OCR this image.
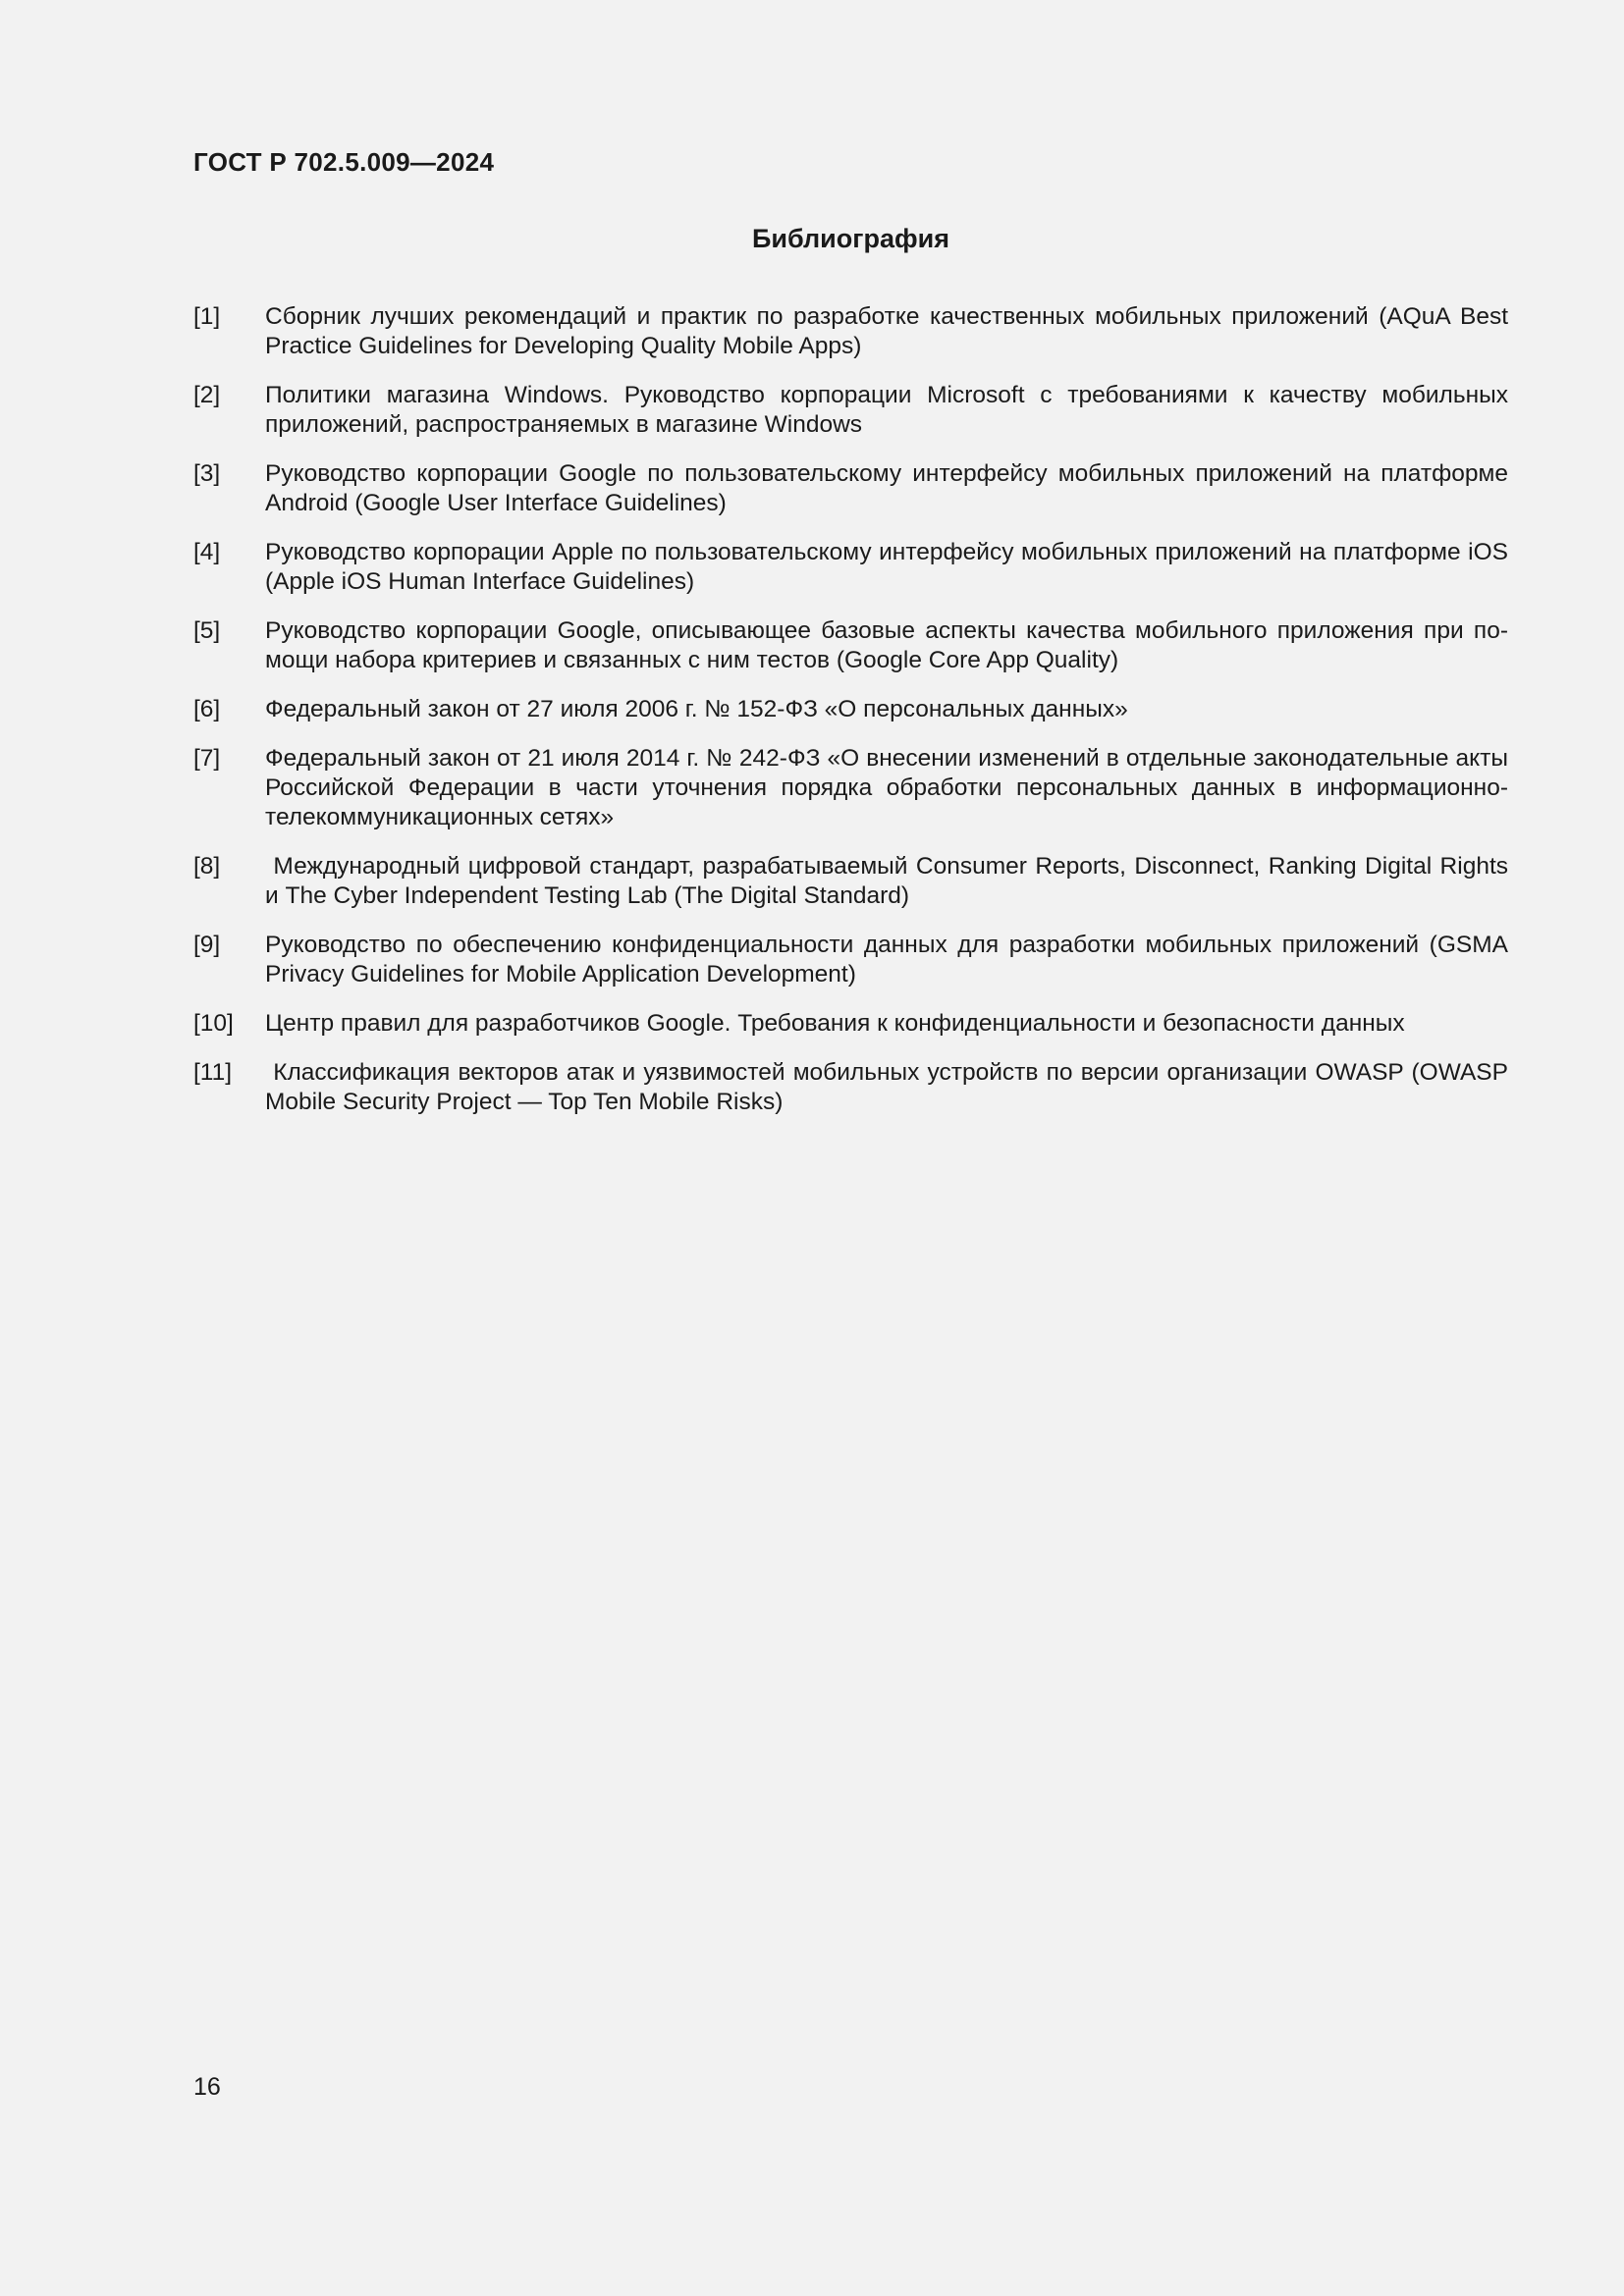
ГОСТ Р 702.5.009—2024
Библиография
[1]	Сборник лучших рекомендаций и практик по разработке качественных мобильных приложений (AQuA Best Practice Guidelines for Developing Quality Mobile Apps)
[2]	Политики магазина Windows. Руководство корпорации Microsoft с требованиями к качеству мобильных приложений, распространяемых в магазине Windows
[3]	Руководство корпорации Google по пользовательскому интерфейсу мобильных приложений на платформе Android (Google User Interface Guidelines)
[4]	Руководство корпорации Apple по пользовательскому интерфейсу мобильных приложений на платформе iOS (Apple iOS Human Interface Guidelines)
[5]	Руководство корпорации Google, описывающее базовые аспекты качества мобильного приложения при помощи набора критериев и связанных с ним тестов (Google Core App Quality)
[6]	Федеральный закон от 27 июля 2006 г. № 152-ФЗ «О персональных данных»
[7]	Федеральный закон от 21 июля 2014 г. № 242-ФЗ «О внесении изменений в отдельные законодательные акты Российской Федерации в части уточнения порядка обработки персональных данных в информационно-телекоммуникационных сетях»
[8]	Международный цифровой стандарт, разрабатываемый Consumer Reports, Disconnect, Ranking Digital Rights и The Cyber Independent Testing Lab (The Digital Standard)
[9]	Руководство по обеспечению конфиденциальности данных для разработки мобильных приложений (GSMA Privacy Guidelines for Mobile Application Development)
[10]	Центр правил для разработчиков Google. Требования к конфиденциальности и безопасности данных
[11]	Классификация векторов атак и уязвимостей мобильных устройств по версии организации OWASP (OWASP Mobile Security Project — Top Ten Mobile Risks)
16
